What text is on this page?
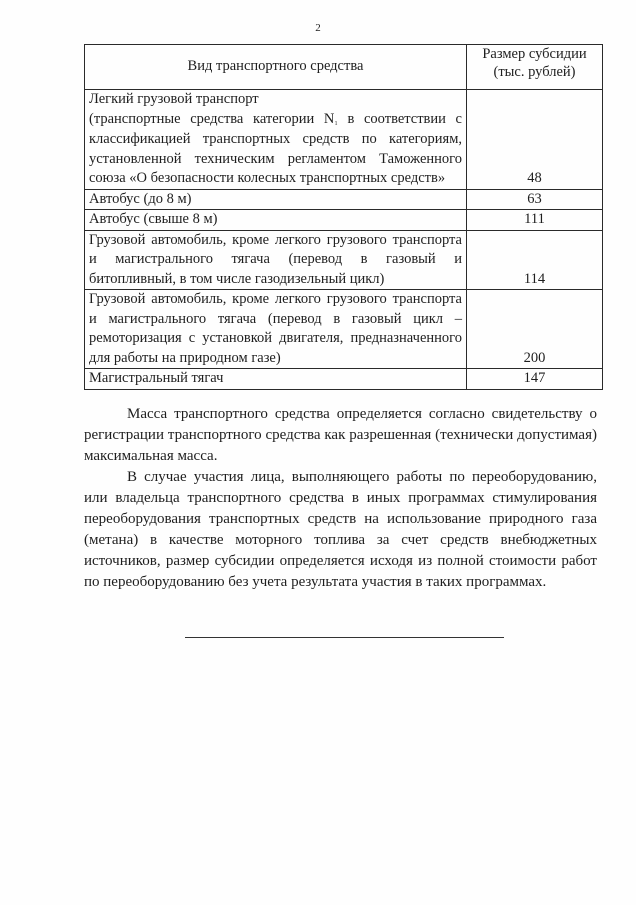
2
Вид транспортного средства	Размер субсидии
(тыс. рублей)
Легкий грузовой транспорт
(транспортные средства категории N₁ в соответствии с классификацией транспортных средств по категориям, установленной техническим регламентом Таможенного союза «О безопасности колесных транспортных средств»	48
Автобус (до 8 м)	63
Автобус (свыше 8 м)	111
Грузовой автомобиль, кроме легкого грузового транспорта и магистрального тягача (перевод в газовый и битопливный, в том числе газодизельный цикл)	114
Грузовой автомобиль, кроме легкого грузового транспорта и магистрального тягача (перевод в газовый цикл – ремоторизация с установкой двигателя, предназначенного для работы на природном газе)	200
Магистральный тягач	147

Масса транспортного средства определяется согласно свидетельству о регистрации транспортного средства как разрешенная (технически допустимая) максимальная масса.

В случае участия лица, выполняющего работы по переоборудованию, или владельца транспортного средства в иных программах стимулирования переоборудования транспортных средств на использование природного газа (метана) в качестве моторного топлива за счет средств внебюджетных источников, размер субсидии определяется исходя из полной стоимости работ по переоборудованию без учета результата участия в таких программах.
